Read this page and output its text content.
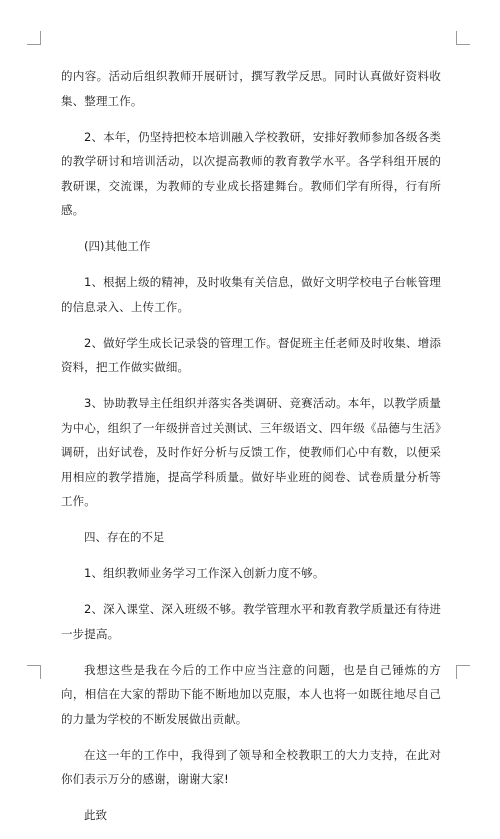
的内容。活动后组织教师开展研讨，撰写教学反思。同时认真做好资料收集、整理工作。

2、本年，仍坚持把校本培训融入学校教研，安排好教师参加各级各类的教学研讨和培训活动，以次提高教师的教育教学水平。各学科组开展的教研课，交流课，为教师的专业成长搭建舞台。教师们学有所得，行有所感。

(四)其他工作

1、根据上级的精神，及时收集有关信息，做好文明学校电子台帐管理的信息录入、上传工作。

2、做好学生成长记录袋的管理工作。督促班主任老师及时收集、增添资料，把工作做实做细。

3、协助教导主任组织并落实各类调研、竞赛活动。本年，以教学质量为中心，组织了一年级拼音过关测试、三年级语文、四年级《品德与生活》调研，出好试卷，及时作好分析与反馈工作，使教师们心中有数，以便采用相应的教学措施，提高学科质量。做好毕业班的阅卷、试卷质量分析等工作。

四、存在的不足

1、组织教师业务学习工作深入创新力度不够。

2、深入课堂、深入班级不够。教学管理水平和教育教学质量还有待进一步提高。

我想这些是我在今后的工作中应当注意的问题，也是自己锤炼的方向，相信在大家的帮助下能不断地加以克服，本人也将一如既往地尽自己的力量为学校的不断发展做出贡献。

在这一年的工作中，我得到了领导和全校教职工的大力支持，在此对你们表示万分的感谢，谢谢大家!

此致
